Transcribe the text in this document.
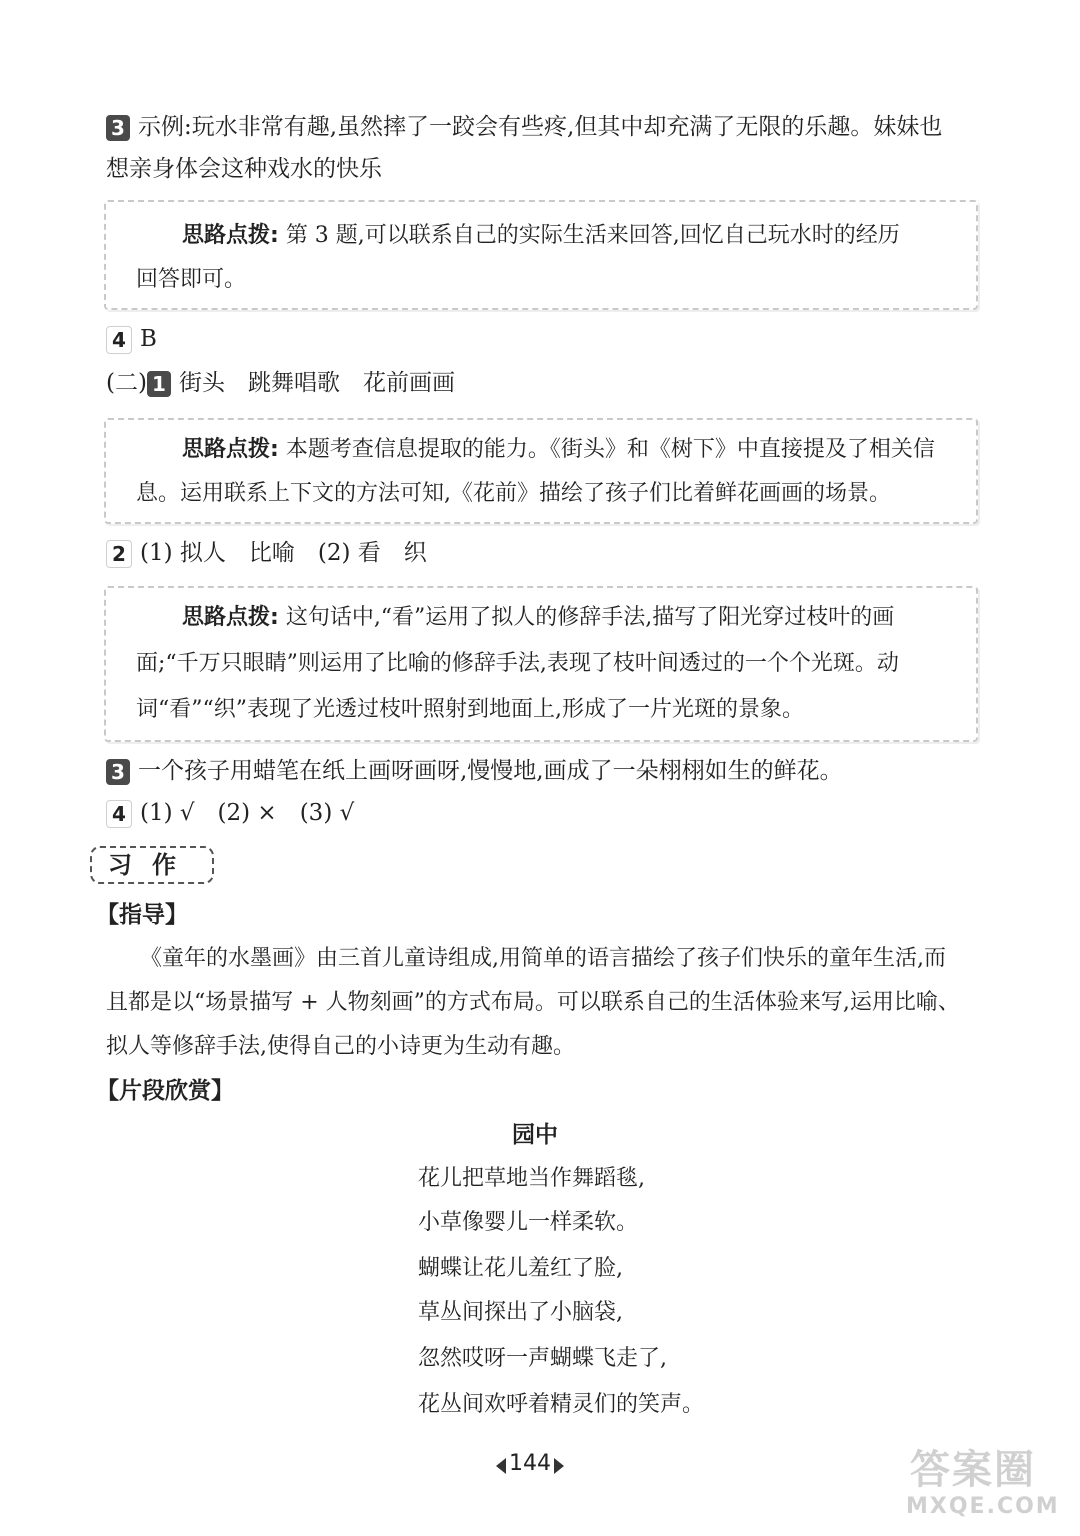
3 示例:玩水非常有趣,虽然摔了一跤会有些疼,但其中却充满了无限的乐趣。妹妹也
想亲身体会这种戏水的快乐
思路点拨: 第 3 题,可以联系自己的实际生活来回答,回忆自己玩水时的经历
回答即可。
4 B
(二) 1 街头　跳舞唱歌　花前画画
思路点拨: 本题考查信息提取的能力。《街头》和《树下》中直接提及了相关信
息。运用联系上下文的方法可知,《花前》描绘了孩子们比着鲜花画画的场景。
2 (1) 拟人　比喻　(2) 看　织
思路点拨: 这句话中,“看”运用了拟人的修辞手法,描写了阳光穿过枝叶的画
面;“千万只眼睛”则运用了比喻的修辞手法,表现了枝叶间透过的一个个光斑。动
词“看”“织”表现了光透过枝叶照射到地面上,形成了一片光斑的景象。
3 一个孩子用蜡笔在纸上画呀画呀,慢慢地,画成了一朵栩栩如生的鲜花。
4 (1) √　(2) ×　(3) √
习作
【指导】
《童年的水墨画》由三首儿童诗组成,用简单的语言描绘了孩子们快乐的童年生活,而
且都是以“场景描写 + 人物刻画”的方式布局。可以联系自己的生活体验来写,运用比喻、
拟人等修辞手法,使得自己的小诗更为生动有趣。
【片段欣赏】
园中
花儿把草地当作舞蹈毯,
小草像婴儿一样柔软。
蝴蝶让花儿羞红了脸,
草丛间探出了小脑袋,
忽然哎呀一声蝴蝶飞走了,
花丛间欢呼着精灵们的笑声。
144	答案圈
MXQE.COM
